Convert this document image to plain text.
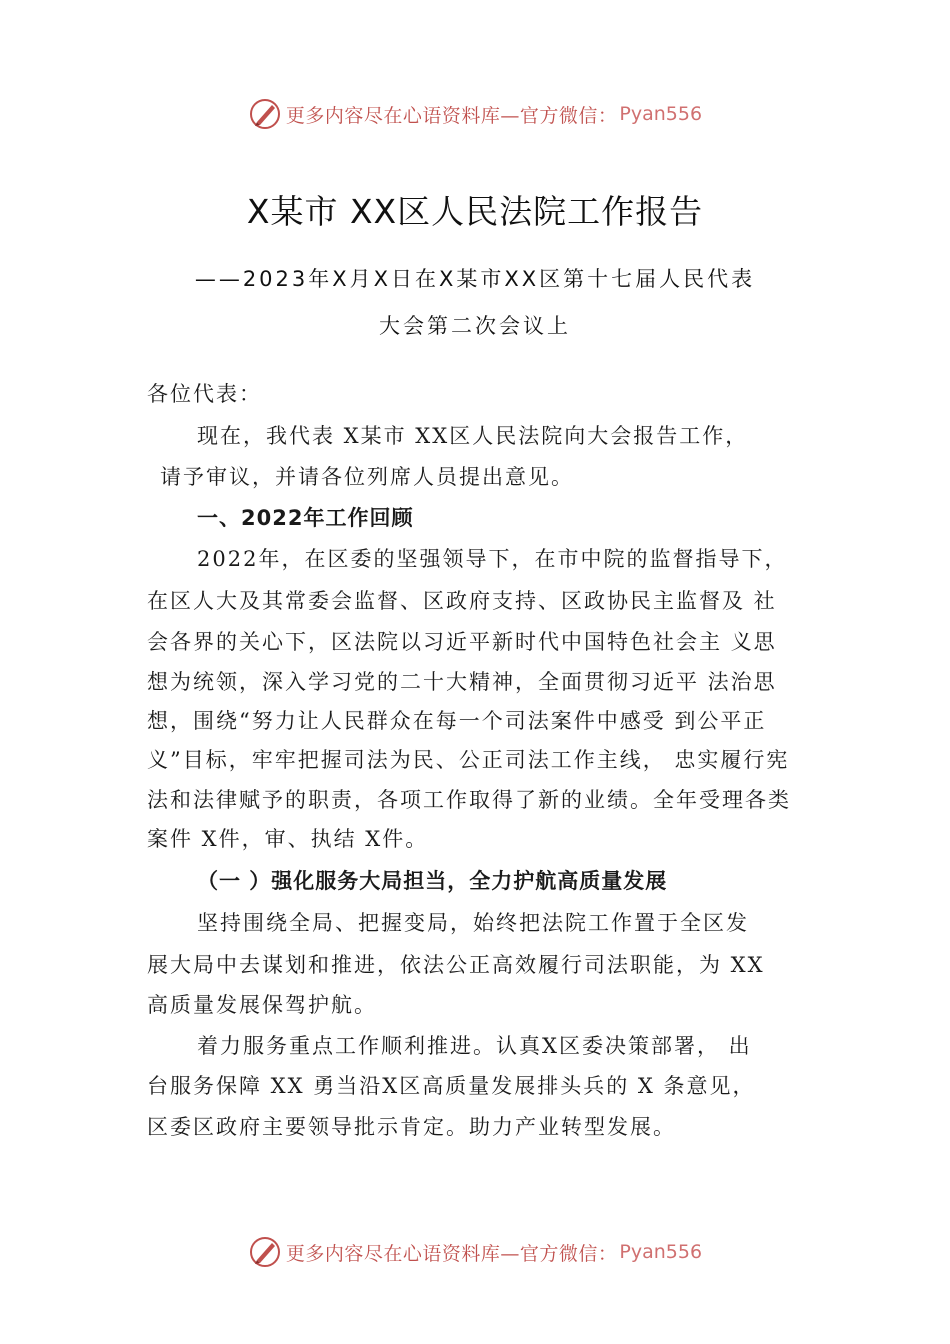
更多内容尽在心语资料库—官方微信： Pyan556
X某市 XX区人民法院工作报告
——2023年X月X日在X某市XX区第十七届人民代表
大会第二次会议上
各位代表：
现在，我代表 X某市 XX区人民法院向大会报告工作，
请予审议，并请各位列席人员提出意见。
一、2022年工作回顾
2022年，在区委的坚强领导下，在市中院的监督指导下，
在区人大及其常委会监督、区政府支持、区政协民主监督及 社
会各界的关心下，区法院以习近平新时代中国特色社会主 义思
想为统领，深入学习党的二十大精神，全面贯彻习近平 法治思
想，围绕“努力让人民群众在每一个司法案件中感受 到公平正
义”目标，牢牢把握司法为民、公正司法工作主线， 忠实履行宪
法和法律赋予的职责，各项工作取得了新的业绩。全年受理各类
案件 X件，审、执结 X件。
（一 ）强化服务大局担当，全力护航高质量发展
坚持围绕全局、把握变局，始终把法院工作置于全区发
展大局中去谋划和推进，依法公正高效履行司法职能，为 XX
高质量发展保驾护航。
着力服务重点工作顺利推进。认真X区委决策部署， 出
台服务保障 XX 勇当沿X区高质量发展排头兵的 X 条意见，
区委区政府主要领导批示肯定。助力产业转型发展。
更多内容尽在心语资料库—官方微信： Pyan556
